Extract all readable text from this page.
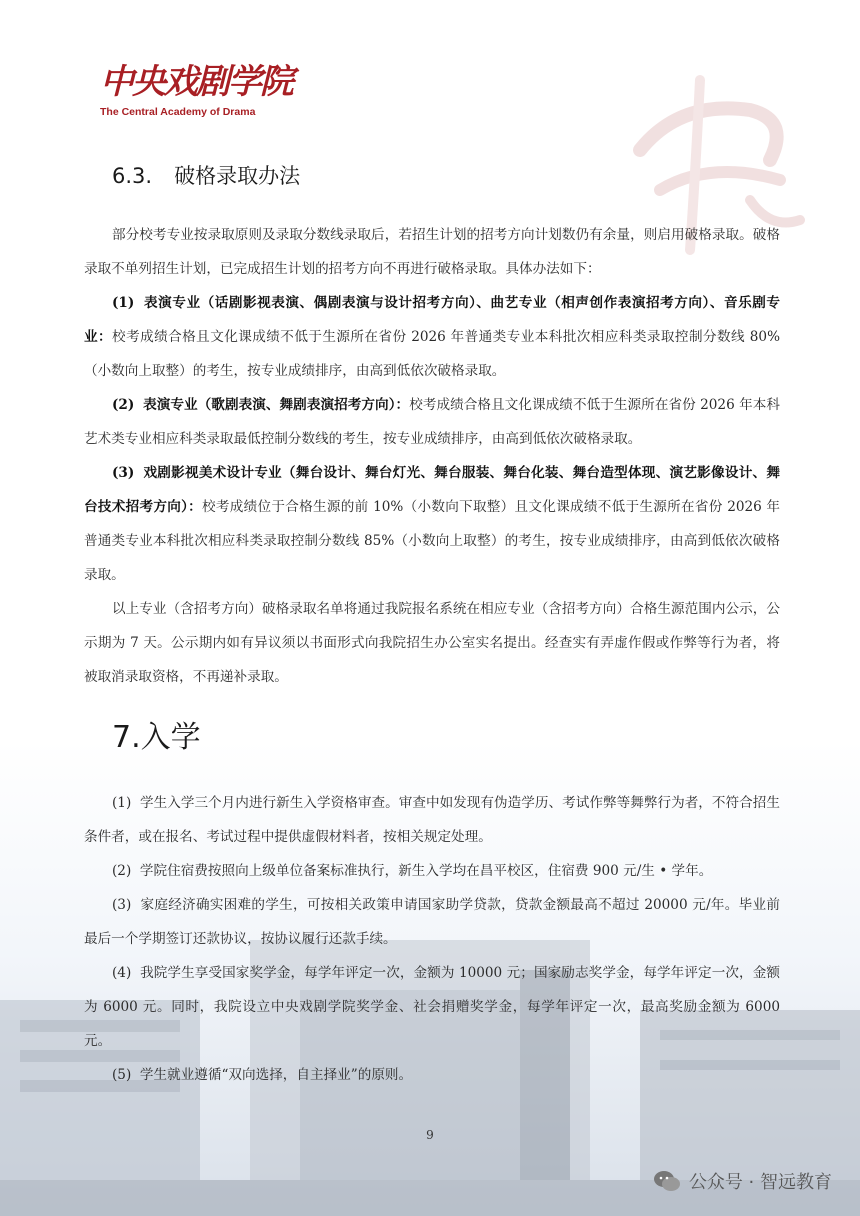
中央戏剧学院
The Central Academy of Drama
6.3. 破格录取办法

部分校考专业按录取原则及录取分数线录取后，若招生计划的招考方向计划数仍有余量，则启用破格录取。破格录取不单列招生计划，已完成招生计划的招考方向不再进行破格录取。具体办法如下：

(1) 表演专业（话剧影视表演、偶剧表演与设计招考方向）、曲艺专业（相声创作表演招考方向）、音乐剧专业：校考成绩合格且文化课成绩不低于生源所在省份 2026 年普通类专业本科批次相应科类录取控制分数线 80%（小数向上取整）的考生，按专业成绩排序，由高到低依次破格录取。

(2) 表演专业（歌剧表演、舞剧表演招考方向）：校考成绩合格且文化课成绩不低于生源所在省份 2026 年本科艺术类专业相应科类录取最低控制分数线的考生，按专业成绩排序，由高到低依次破格录取。

(3) 戏剧影视美术设计专业（舞台设计、舞台灯光、舞台服装、舞台化装、舞台造型体现、演艺影像设计、舞台技术招考方向）：校考成绩位于合格生源的前 10%（小数向下取整）且文化课成绩不低于生源所在省份 2026 年普通类专业本科批次相应科类录取控制分数线 85%（小数向上取整）的考生，按专业成绩排序，由高到低依次破格录取。

以上专业（含招考方向）破格录取名单将通过我院报名系统在相应专业（含招考方向）合格生源范围内公示，公示期为 7 天。公示期内如有异议须以书面形式向我院招生办公室实名提出。经查实有弄虚作假或作弊等行为者，将被取消录取资格，不再递补录取。

7.入学

(1) 学生入学三个月内进行新生入学资格审查。审查中如发现有伪造学历、考试作弊等舞弊行为者，不符合招生条件者，或在报名、考试过程中提供虚假材料者，按相关规定处理。

(2) 学院住宿费按照向上级单位备案标准执行，新生入学均在昌平校区，住宿费 900 元/生 • 学年。

(3) 家庭经济确实困难的学生，可按相关政策申请国家助学贷款，贷款金额最高不超过 20000 元/年。毕业前最后一个学期签订还款协议，按协议履行还款手续。

(4) 我院学生享受国家奖学金，每学年评定一次，金额为 10000 元；国家励志奖学金，每学年评定一次，金额为 6000 元。同时，我院设立中央戏剧学院奖学金、社会捐赠奖学金，每学年评定一次，最高奖励金额为 6000 元。

(5) 学生就业遵循“双向选择，自主择业”的原则。

9
公众号 · 智远教育
